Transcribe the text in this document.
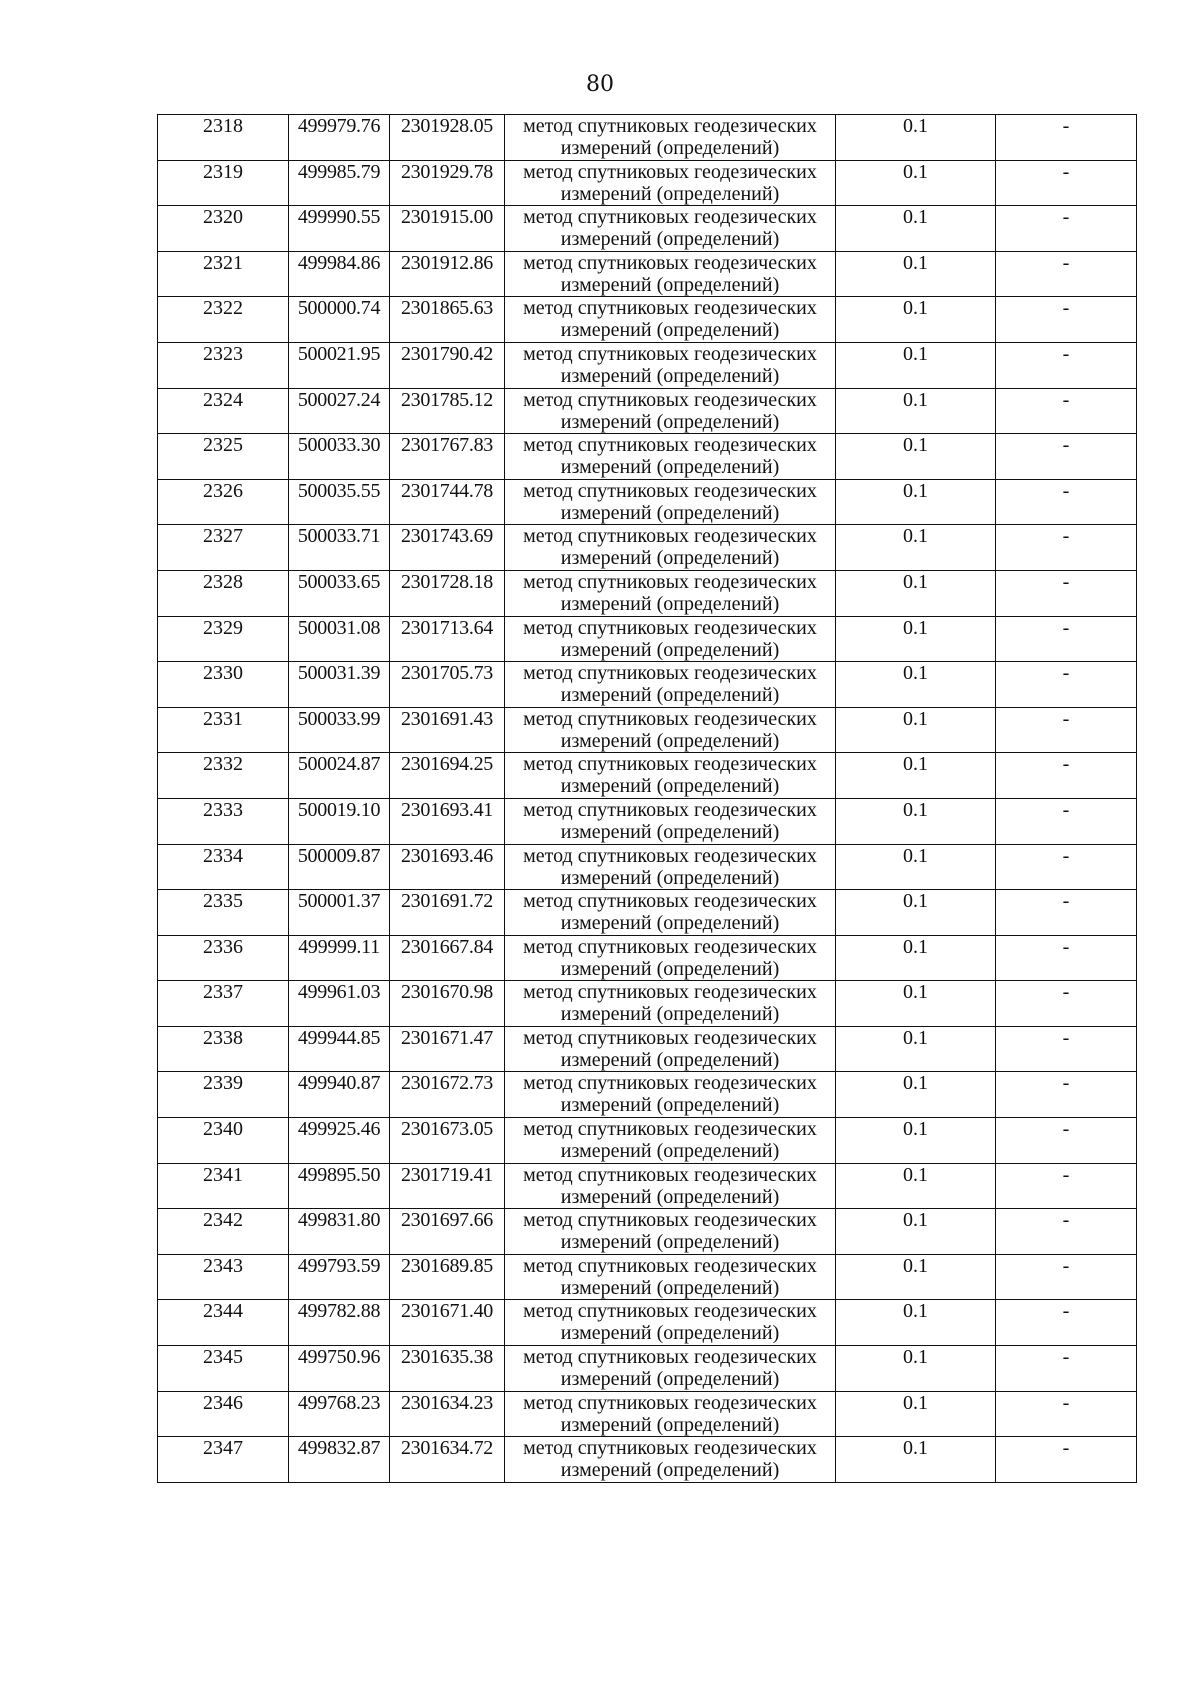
80
2318	499979.76	2301928.05	метод спутниковых геодезических
измерений (определений)	0.1	-
2319	499985.79	2301929.78	метод спутниковых геодезических
измерений (определений)	0.1	-
2320	499990.55	2301915.00	метод спутниковых геодезических
измерений (определений)	0.1	-
2321	499984.86	2301912.86	метод спутниковых геодезических
измерений (определений)	0.1	-
2322	500000.74	2301865.63	метод спутниковых геодезических
измерений (определений)	0.1	-
2323	500021.95	2301790.42	метод спутниковых геодезических
измерений (определений)	0.1	-
2324	500027.24	2301785.12	метод спутниковых геодезических
измерений (определений)	0.1	-
2325	500033.30	2301767.83	метод спутниковых геодезических
измерений (определений)	0.1	-
2326	500035.55	2301744.78	метод спутниковых геодезических
измерений (определений)	0.1	-
2327	500033.71	2301743.69	метод спутниковых геодезических
измерений (определений)	0.1	-
2328	500033.65	2301728.18	метод спутниковых геодезических
измерений (определений)	0.1	-
2329	500031.08	2301713.64	метод спутниковых геодезических
измерений (определений)	0.1	-
2330	500031.39	2301705.73	метод спутниковых геодезических
измерений (определений)	0.1	-
2331	500033.99	2301691.43	метод спутниковых геодезических
измерений (определений)	0.1	-
2332	500024.87	2301694.25	метод спутниковых геодезических
измерений (определений)	0.1	-
2333	500019.10	2301693.41	метод спутниковых геодезических
измерений (определений)	0.1	-
2334	500009.87	2301693.46	метод спутниковых геодезических
измерений (определений)	0.1	-
2335	500001.37	2301691.72	метод спутниковых геодезических
измерений (определений)	0.1	-
2336	499999.11	2301667.84	метод спутниковых геодезических
измерений (определений)	0.1	-
2337	499961.03	2301670.98	метод спутниковых геодезических
измерений (определений)	0.1	-
2338	499944.85	2301671.47	метод спутниковых геодезических
измерений (определений)	0.1	-
2339	499940.87	2301672.73	метод спутниковых геодезических
измерений (определений)	0.1	-
2340	499925.46	2301673.05	метод спутниковых геодезических
измерений (определений)	0.1	-
2341	499895.50	2301719.41	метод спутниковых геодезических
измерений (определений)	0.1	-
2342	499831.80	2301697.66	метод спутниковых геодезических
измерений (определений)	0.1	-
2343	499793.59	2301689.85	метод спутниковых геодезических
измерений (определений)	0.1	-
2344	499782.88	2301671.40	метод спутниковых геодезических
измерений (определений)	0.1	-
2345	499750.96	2301635.38	метод спутниковых геодезических
измерений (определений)	0.1	-
2346	499768.23	2301634.23	метод спутниковых геодезических
измерений (определений)	0.1	-
2347	499832.87	2301634.72	метод спутниковых геодезических
измерений (определений)	0.1	-
